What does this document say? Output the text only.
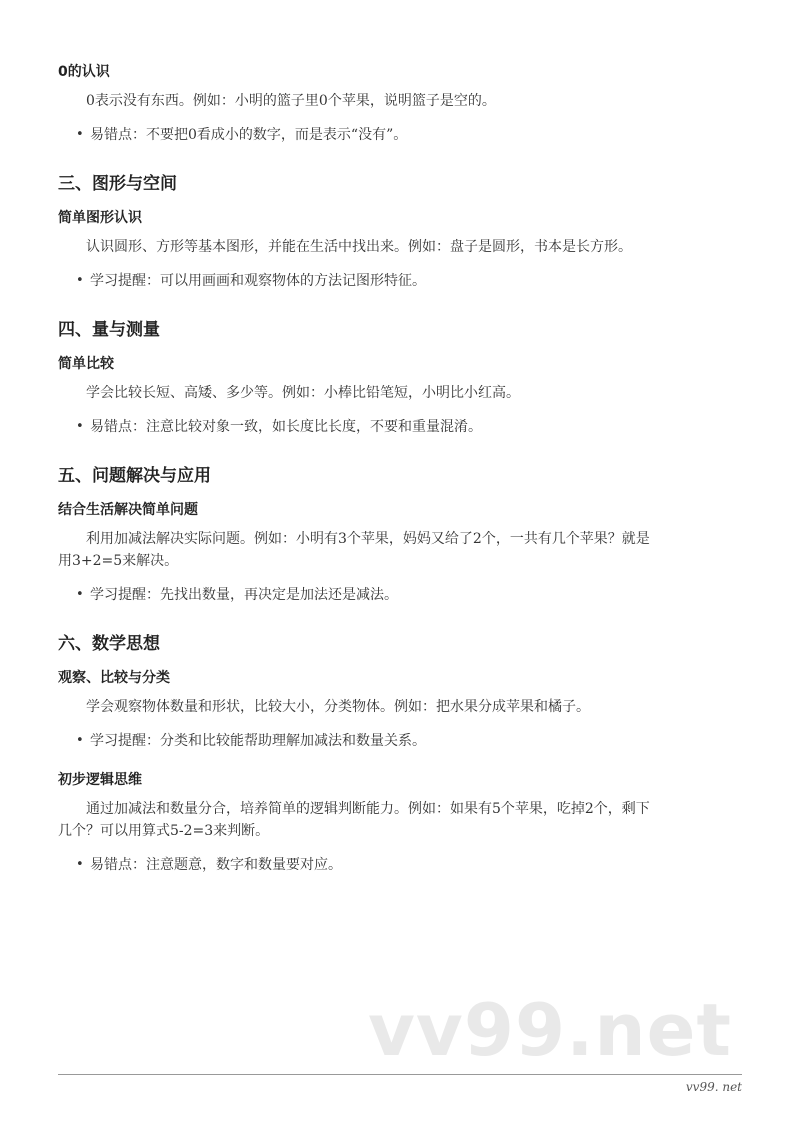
0的认识

0表示没有东西。例如：小明的篮子里0个苹果，说明篮子是空的。

• 易错点：不要把0看成小的数字，而是表示“没有”。

三、图形与空间

简单图形认识

认识圆形、方形等基本图形，并能在生活中找出来。例如：盘子是圆形，书本是长方形。

• 学习提醒：可以用画画和观察物体的方法记图形特征。

四、量与测量

简单比较

学会比较长短、高矮、多少等。例如：小棒比铅笔短，小明比小红高。

• 易错点：注意比较对象一致，如长度比长度，不要和重量混淆。

五、问题解决与应用

结合生活解决简单问题

利用加减法解决实际问题。例如：小明有3个苹果，妈妈又给了2个，一共有几个苹果？就是

用3+2=5来解决。

• 学习提醒：先找出数量，再决定是加法还是减法。

六、数学思想

观察、比较与分类

学会观察物体数量和形状，比较大小，分类物体。例如：把水果分成苹果和橘子。

• 学习提醒：分类和比较能帮助理解加减法和数量关系。

初步逻辑思维

通过加减法和数量分合，培养简单的逻辑判断能力。例如：如果有5个苹果，吃掉2个，剩下

几个？可以用算式5-2=3来判断。

• 易错点：注意题意，数字和数量要对应。

vv99.net
vv99. net
